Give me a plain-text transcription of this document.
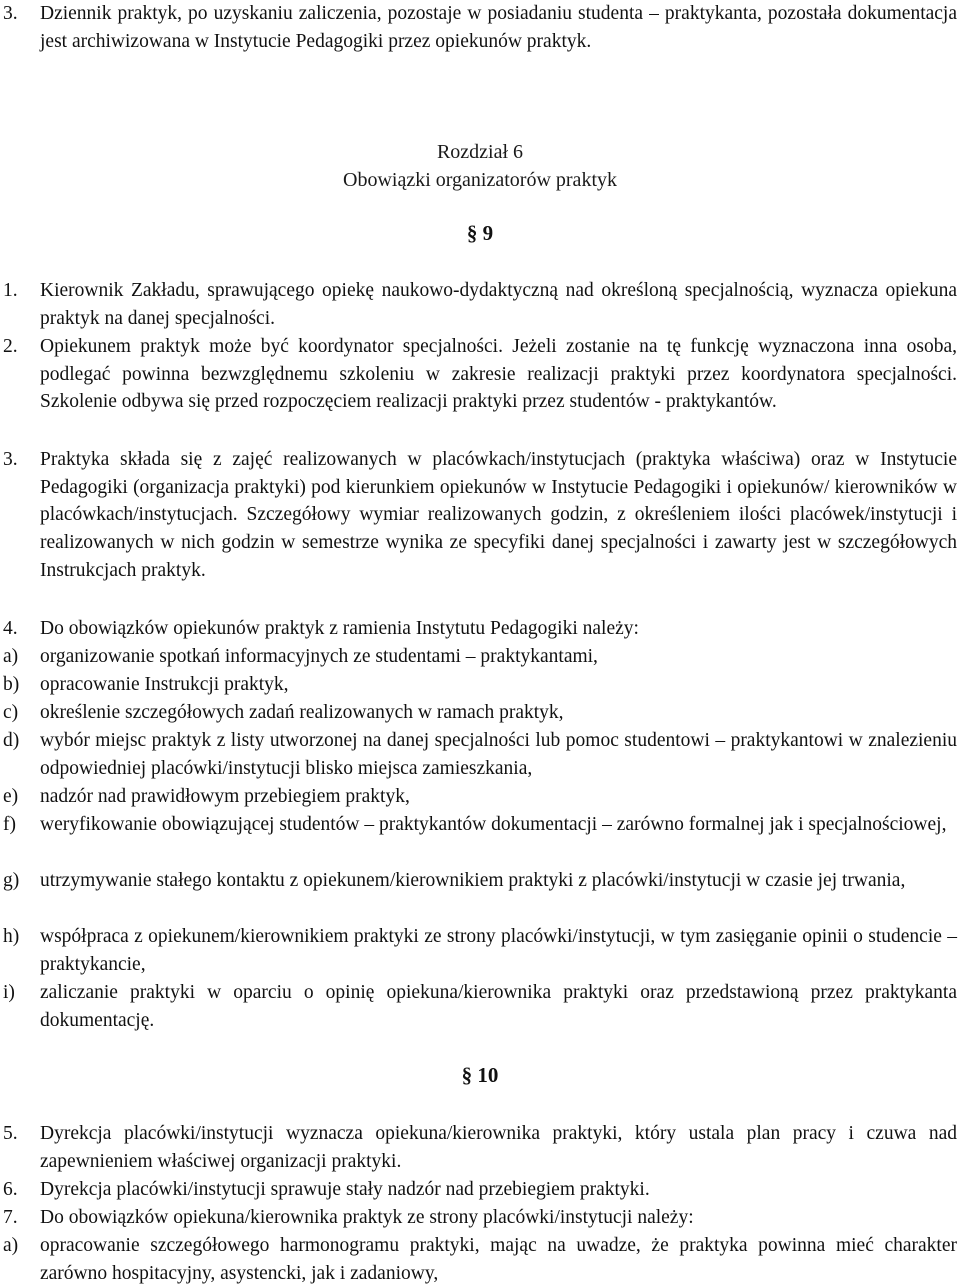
3. Dziennik praktyk, po uzyskaniu zaliczenia, pozostaje w posiadaniu studenta – praktykanta, pozostała dokumentacja jest archiwizowana w Instytucie Pedagogiki przez opiekunów praktyk.
Rozdział 6
Obowiązki organizatorów praktyk
§ 9
1. Kierownik Zakładu, sprawującego opiekę naukowo-dydaktyczną nad określoną specjalnością, wyznacza opiekuna praktyk na danej specjalności.
2. Opiekunem praktyk może być koordynator specjalności. Jeżeli zostanie na tę funkcję wyznaczona inna osoba, podlegać powinna bezwzględnemu szkoleniu w zakresie realizacji praktyki przez koordynatora specjalności. Szkolenie odbywa się przed rozpoczęciem realizacji praktyki przez studentów - praktykantów.
3. Praktyka składa się z zajęć realizowanych w placówkach/instytucjach (praktyka właściwa) oraz w Instytucie Pedagogiki (organizacja praktyki) pod kierunkiem opiekunów w Instytucie Pedagogiki i opiekunów/ kierowników w placówkach/instytucjach. Szczegółowy wymiar realizowanych godzin, z określeniem ilości placówek/instytucji i realizowanych w nich godzin w semestrze wynika ze specyfiki danej specjalności i zawarty jest w szczegółowych Instrukcjach praktyk.
4. Do obowiązków opiekunów praktyk z ramienia Instytutu Pedagogiki należy:
a) organizowanie spotkań informacyjnych ze studentami – praktykantami,
b) opracowanie Instrukcji praktyk,
c) określenie szczegółowych zadań realizowanych w ramach praktyk,
d) wybór miejsc praktyk z listy utworzonej na danej specjalności lub pomoc studentowi – praktykantowi w znalezieniu odpowiedniej placówki/instytucji blisko miejsca zamieszkania,
e) nadzór nad prawidłowym przebiegiem praktyk,
f) weryfikowanie obowiązującej studentów – praktykantów dokumentacji – zarówno formalnej jak i specjalnościowej,
g) utrzymywanie stałego kontaktu z opiekunem/kierownikiem praktyki z placówki/instytucji w czasie jej trwania,
h) współpraca z opiekunem/kierownikiem praktyki ze strony placówki/instytucji, w tym zasięganie opinii o studencie – praktykancie,
i) zaliczanie praktyki w oparciu o opinię opiekuna/kierownika praktyki oraz przedstawioną przez praktykanta dokumentację.
§ 10
5. Dyrekcja placówki/instytucji wyznacza opiekuna/kierownika praktyki, który ustala plan pracy i czuwa nad zapewnieniem właściwej organizacji praktyki.
6. Dyrekcja placówki/instytucji sprawuje stały nadzór nad przebiegiem praktyki.
7. Do obowiązków opiekuna/kierownika praktyk ze strony placówki/instytucji należy:
a) opracowanie szczegółowego harmonogramu praktyki, mając na uwadze, że praktyka powinna mieć charakter zarówno hospitacyjny, asystencki, jak i zadaniowy,
